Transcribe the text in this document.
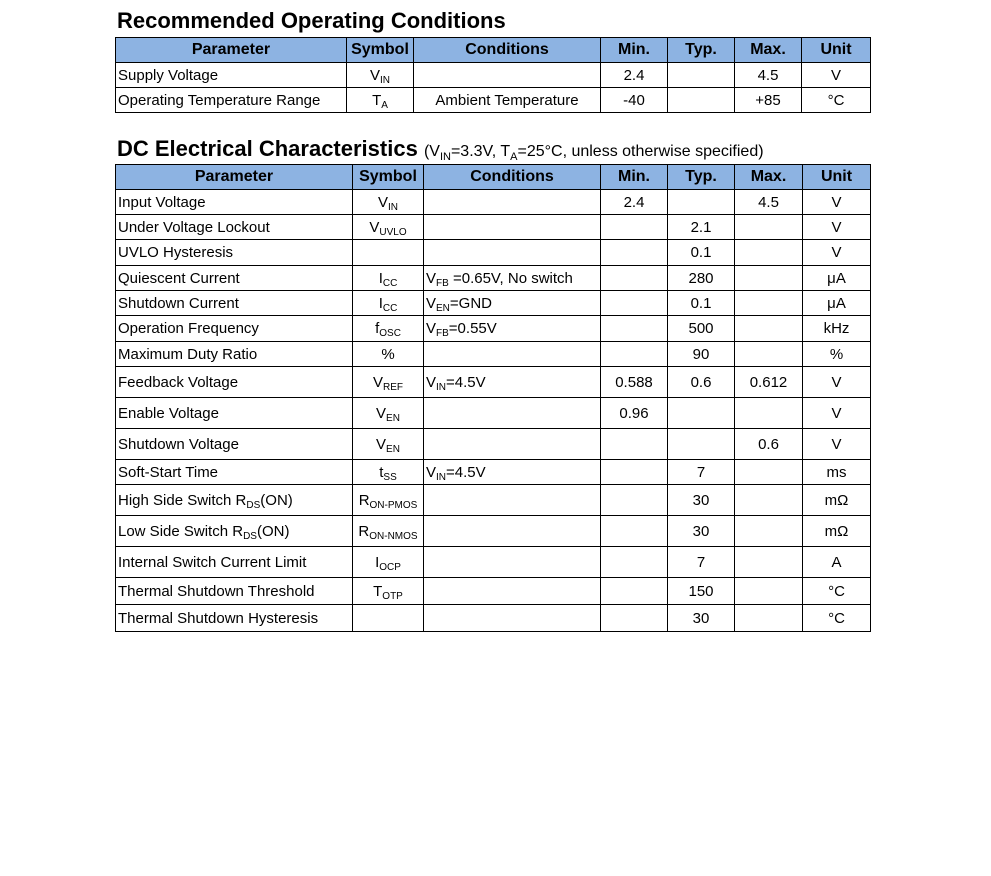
Recommended Operating Conditions
Parameter	Symbol	Conditions	Min.	Typ.	Max.	Unit
Supply Voltage	$V_{IN}$		2.4		4.5	V
Operating Temperature Range	$T_A$	Ambient Temperature	-40		+85	°C
DC Electrical Characteristics ($V_{IN}=3.3V$, $T_A=25^\circ C$, unless otherwise specified)
Parameter	Symbol	Conditions	Min.	Typ.	Max.	Unit
Input Voltage	$V_{IN}$		2.4		4.5	V
Under Voltage Lockout	$V_{UVLO}$			2.1		V
UVLO Hysteresis				0.1		V
Quiescent Current	$I_{CC}$	$V_{FB} =0.65V$, No switch		280		μA
Shutdown Current	$I_{CC}$	$V_{EN}=GND$		0.1		μA
Operation Frequency	$f_{OSC}$	$V_{FB}=0.55V$		500		kHz
Maximum Duty Ratio	%			90		%
Feedback Voltage	$V_{REF}$	$V_{IN}=4.5V$	0.588	0.6	0.612	V
Enable Voltage	$V_{EN}$		0.96			V
Shutdown Voltage	$V_{EN}$				0.6	V
Soft-Start Time	$t_{SS}$	$V_{IN}=4.5V$		7		ms
High Side Switch $R_{DS}(ON)$	$R_{ON-PMOS}$			30		mΩ
Low Side Switch $R_{DS}(ON)$	$R_{ON-NMOS}$			30		mΩ
Internal Switch Current Limit	$I_{OCP}$			7		A
Thermal Shutdown Threshold	$T_{OTP}$			150		°C
Thermal Shutdown Hysteresis				30		°C
